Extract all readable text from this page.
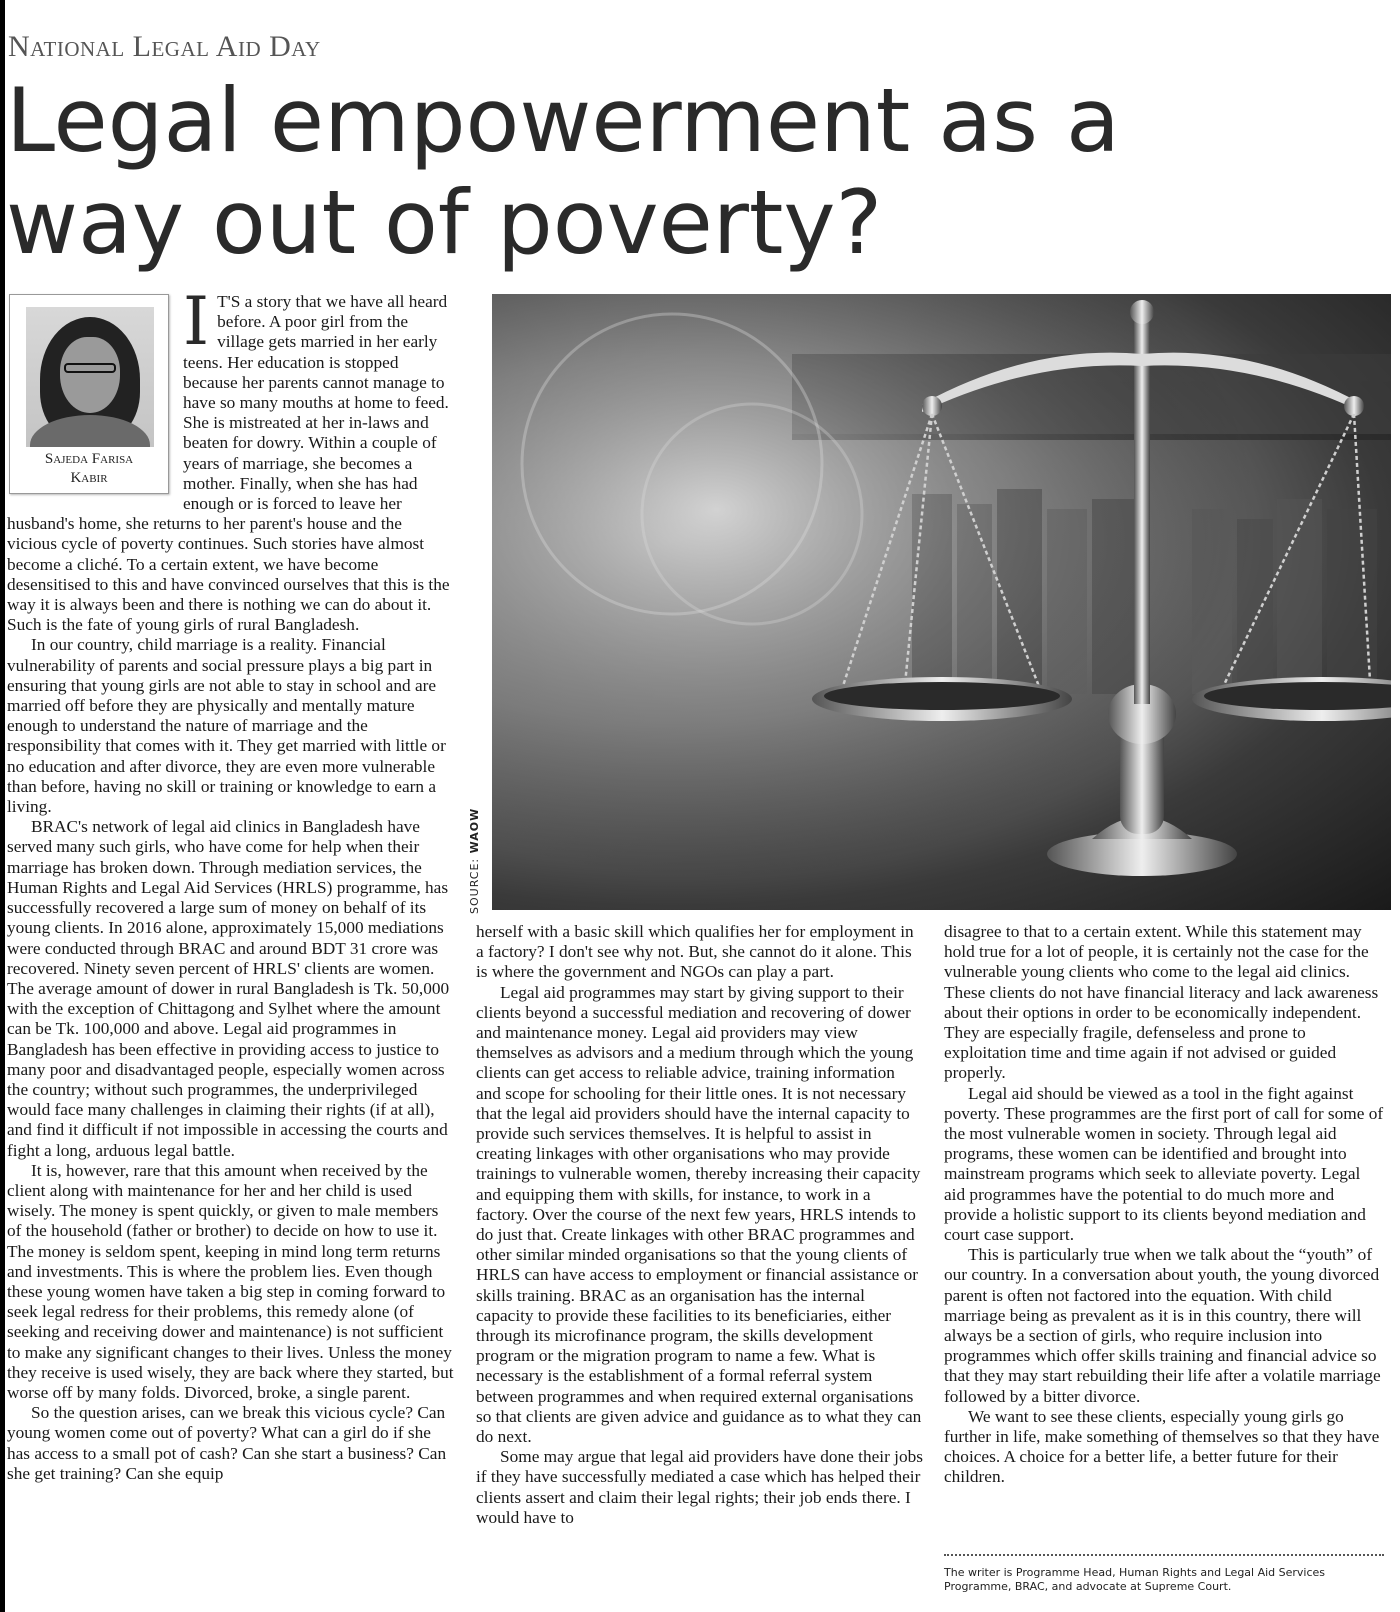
National Legal Aid Day
Legal empowerment as a way out of poverty?
SOURCE: WAOW
Sajeda Farisa
Kabir

I T'S a story that we have all heard before. A poor girl from the village gets married in her early teens. Her education is stopped because her parents cannot manage to have so many mouths at home to feed. She is mistreated at her in-laws and beaten for dowry. Within a couple of years of marriage, she becomes a mother. Finally, when she has had enough or is forced to leave her husband's home, she returns to her parent's house and the vicious cycle of poverty continues. Such stories have almost become a cliché. To a certain extent, we have become desensitised to this and have convinced ourselves that this is the way it is always been and there is nothing we can do about it. Such is the fate of young girls of rural Bangladesh.

In our country, child marriage is a reality. Financial vulnerability of parents and social pressure plays a big part in ensuring that young girls are not able to stay in school and are married off before they are physically and mentally mature enough to understand the nature of marriage and the responsibility that comes with it. They get married with little or no education and after divorce, they are even more vulnerable than before, having no skill or training or knowledge to earn a living.

BRAC's network of legal aid clinics in Bangladesh have served many such girls, who have come for help when their marriage has broken down. Through mediation services, the Human Rights and Legal Aid Services (HRLS) programme, has successfully recovered a large sum of money on behalf of its young clients. In 2016 alone, approximately 15,000 mediations were conducted through BRAC and around BDT 31 crore was recovered. Ninety seven percent of HRLS' clients are women. The average amount of dower in rural Bangladesh is Tk. 50,000 with the exception of Chittagong and Sylhet where the amount can be Tk. 100,000 and above. Legal aid programmes in Bangladesh has been effective in providing access to justice to many poor and disadvantaged people, especially women across the country; without such programmes, the underprivileged would face many challenges in claiming their rights (if at all), and find it difficult if not impossible in accessing the courts and fight a long, arduous legal battle.

It is, however, rare that this amount when received by the client along with maintenance for her and her child is used wisely. The money is spent quickly, or given to male members of the household (father or brother) to decide on how to use it. The money is seldom spent, keeping in mind long term returns and investments. This is where the problem lies. Even though these young women have taken a big step in coming forward to seek legal redress for their problems, this remedy alone (of seeking and receiving dower and maintenance) is not sufficient to make any significant changes to their lives. Unless the money they receive is used wisely, they are back where they started, but worse off by many folds. Divorced, broke, a single parent.

So the question arises, can we break this vicious cycle? Can young women come out of poverty? What can a girl do if she has access to a small pot of cash? Can she start a business? Can she get training? Can she equip

herself with a basic skill which qualifies her for employment in a factory? I don't see why not. But, she cannot do it alone. This is where the government and NGOs can play a part.

Legal aid programmes may start by giving support to their clients beyond a successful mediation and recovering of dower and maintenance money. Legal aid providers may view themselves as advisors and a medium through which the young clients can get access to reliable advice, training information and scope for schooling for their little ones. It is not necessary that the legal aid providers should have the internal capacity to provide such services themselves. It is helpful to assist in creating linkages with other organisations who may provide trainings to vulnerable women, thereby increasing their capacity and equipping them with skills, for instance, to work in a factory. Over the course of the next few years, HRLS intends to do just that. Create linkages with other BRAC programmes and other similar minded organisations so that the young clients of HRLS can have access to employment or financial assistance or skills training. BRAC as an organisation has the internal capacity to provide these facilities to its beneficiaries, either through its microfinance program, the skills development program or the migration program to name a few. What is necessary is the establishment of a formal referral system between programmes and when required external organisations so that clients are given advice and guidance as to what they can do next.

Some may argue that legal aid providers have done their jobs if they have successfully mediated a case which has helped their clients assert and claim their legal rights; their job ends there. I would have to

disagree to that to a certain extent. While this statement may hold true for a lot of people, it is certainly not the case for the vulnerable young clients who come to the legal aid clinics. These clients do not have financial literacy and lack awareness about their options in order to be economically independent. They are especially fragile, defenseless and prone to exploitation time and time again if not advised or guided properly.

Legal aid should be viewed as a tool in the fight against poverty. These programmes are the first port of call for some of the most vulnerable women in society. Through legal aid programs, these women can be identified and brought into mainstream programs which seek to alleviate poverty. Legal aid programmes have the potential to do much more and provide a holistic support to its clients beyond mediation and court case support.

This is particularly true when we talk about the “youth” of our country. In a conversation about youth, the young divorced parent is often not factored into the equation. With child marriage being as prevalent as it is in this country, there will always be a section of girls, who require inclusion into programmes which offer skills training and financial advice so that they may start rebuilding their life after a volatile marriage followed by a bitter divorce.

We want to see these clients, especially young girls go further in life, make something of themselves so that they have choices. A choice for a better life, a better future for their children.

The writer is Programme Head, Human Rights and Legal Aid Services Programme, BRAC, and advocate at Supreme Court.
